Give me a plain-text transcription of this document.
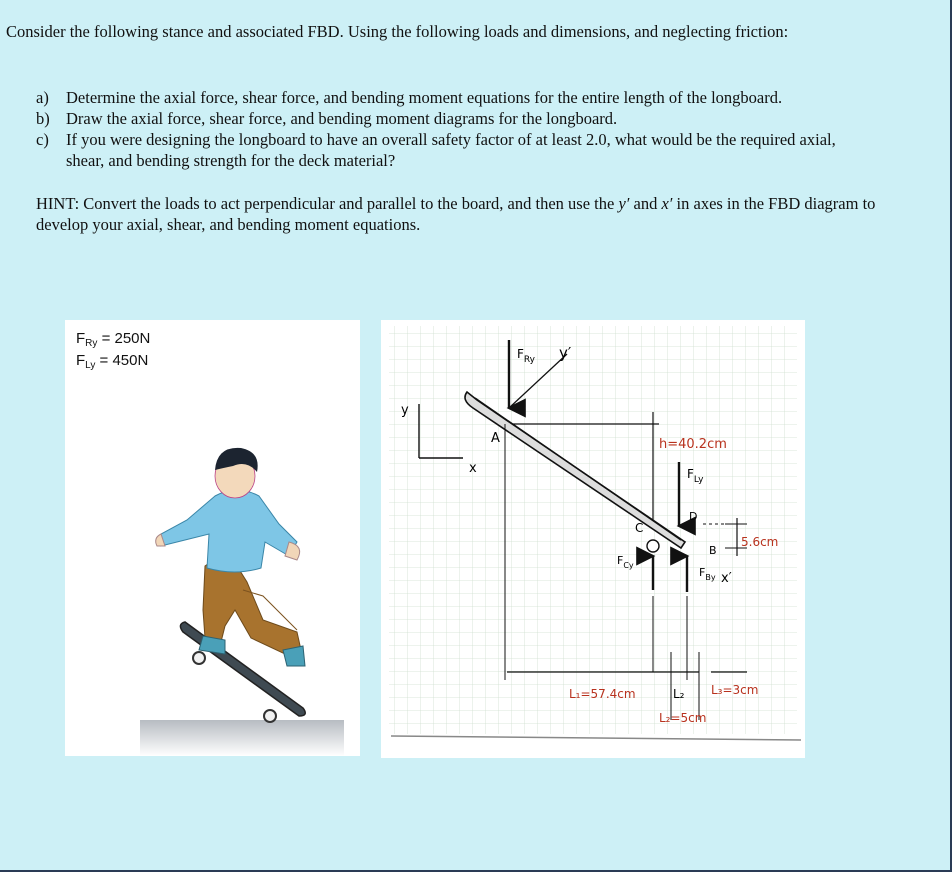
Consider the following stance and associated FBD. Using the following loads and dimensions, and neglecting friction:

a) Determine the axial force, shear force, and bending moment equations for the entire length of the longboard.
b) Draw the axial force, shear force, and bending moment diagrams for the longboard.
c) If you were designing the longboard to have an overall safety factor of at least 2.0, what would be the required axial, shear, and bending strength for the deck material?

HINT: Convert the loads to act perpendicular and parallel to the board, and then use the y′ and x′ in axes in the FBD diagram to develop your axial, shear, and bending moment equations.

$F_{Ry} = 250N$
$F_{Ly} = 450N$
y
x
$F_{Ry}$ y′
A	h=40.2cm
$F_{Ly}$
D
C
$F_{Cy}$
$F_{By}$
B
x′
5.6cm
L₁=57.4cm	L₂ L₃=3cm
L₂=5cm
